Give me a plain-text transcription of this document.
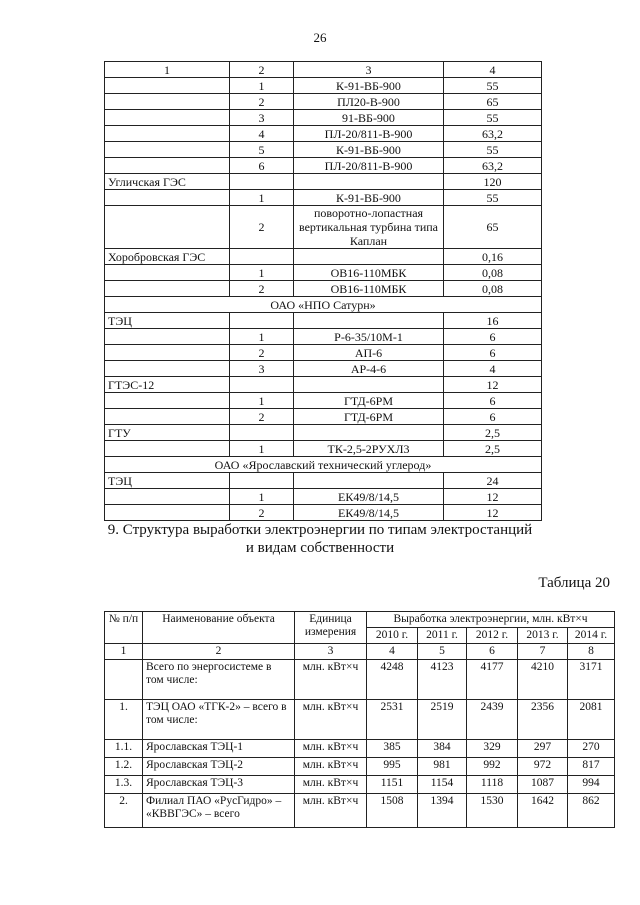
26
1	2	3	4
	1	К-91-ВБ-900	55
	2	ПЛ20-В-900	65
	3	91-ВБ-900	55
	4	ПЛ-20/811-В-900	63,2
	5	К-91-ВБ-900	55
	6	ПЛ-20/811-В-900	63,2
Угличская ГЭС			120
	1	К-91-ВБ-900	55
	2	поворотно-лопастная вертикальная турбина типа Каплан	65
Хоробровская ГЭС			0,16
	1	ОВ16-110МБК	0,08
	2	ОВ16-110МБК	0,08
ОАО «НПО Сатурн»			
ТЭЦ			16
	1	Р-6-35/10М-1	6
	2	АП-6	6
	3	АР-4-6	4
ГТЭС-12			12
	1	ГТД-6РМ	6
	2	ГТД-6РМ	6
ГТУ			2,5
	1	ТК-2,5-2РУХЛ3	2,5
ОАО «Ярославский технический углерод»			
ТЭЦ			24
	1	ЕК49/8/14,5	12
	2	ЕК49/8/14,5	12
9. Структура выработки электроэнергии по типам электростанций
и видам собственности
Таблица 20
№ п/п	Наименование объекта	Единица измерения	Выработка электроэнергии, млн. кВт×ч				
			2010 г.	2011 г.	2012 г.	2013 г.	2014 г.
1	2	3	4	5	6	7	8
	Всего по энергосистеме в том числе:	млн. кВт×ч	4248	4123	4177	4210	3171
1.	ТЭЦ ОАО «ТГК-2» – всего в том числе:	млн. кВт×ч	2531	2519	2439	2356	2081
1.1.	Ярославская ТЭЦ-1	млн. кВт×ч	385	384	329	297	270
1.2.	Ярославская ТЭЦ-2	млн. кВт×ч	995	981	992	972	817
1.3.	Ярославская ТЭЦ-3	млн. кВт×ч	1151	1154	1118	1087	994
2.	Филиал ПАО «РусГидро» – «КВВГЭС» – всего	млн. кВт×ч	1508	1394	1530	1642	862
